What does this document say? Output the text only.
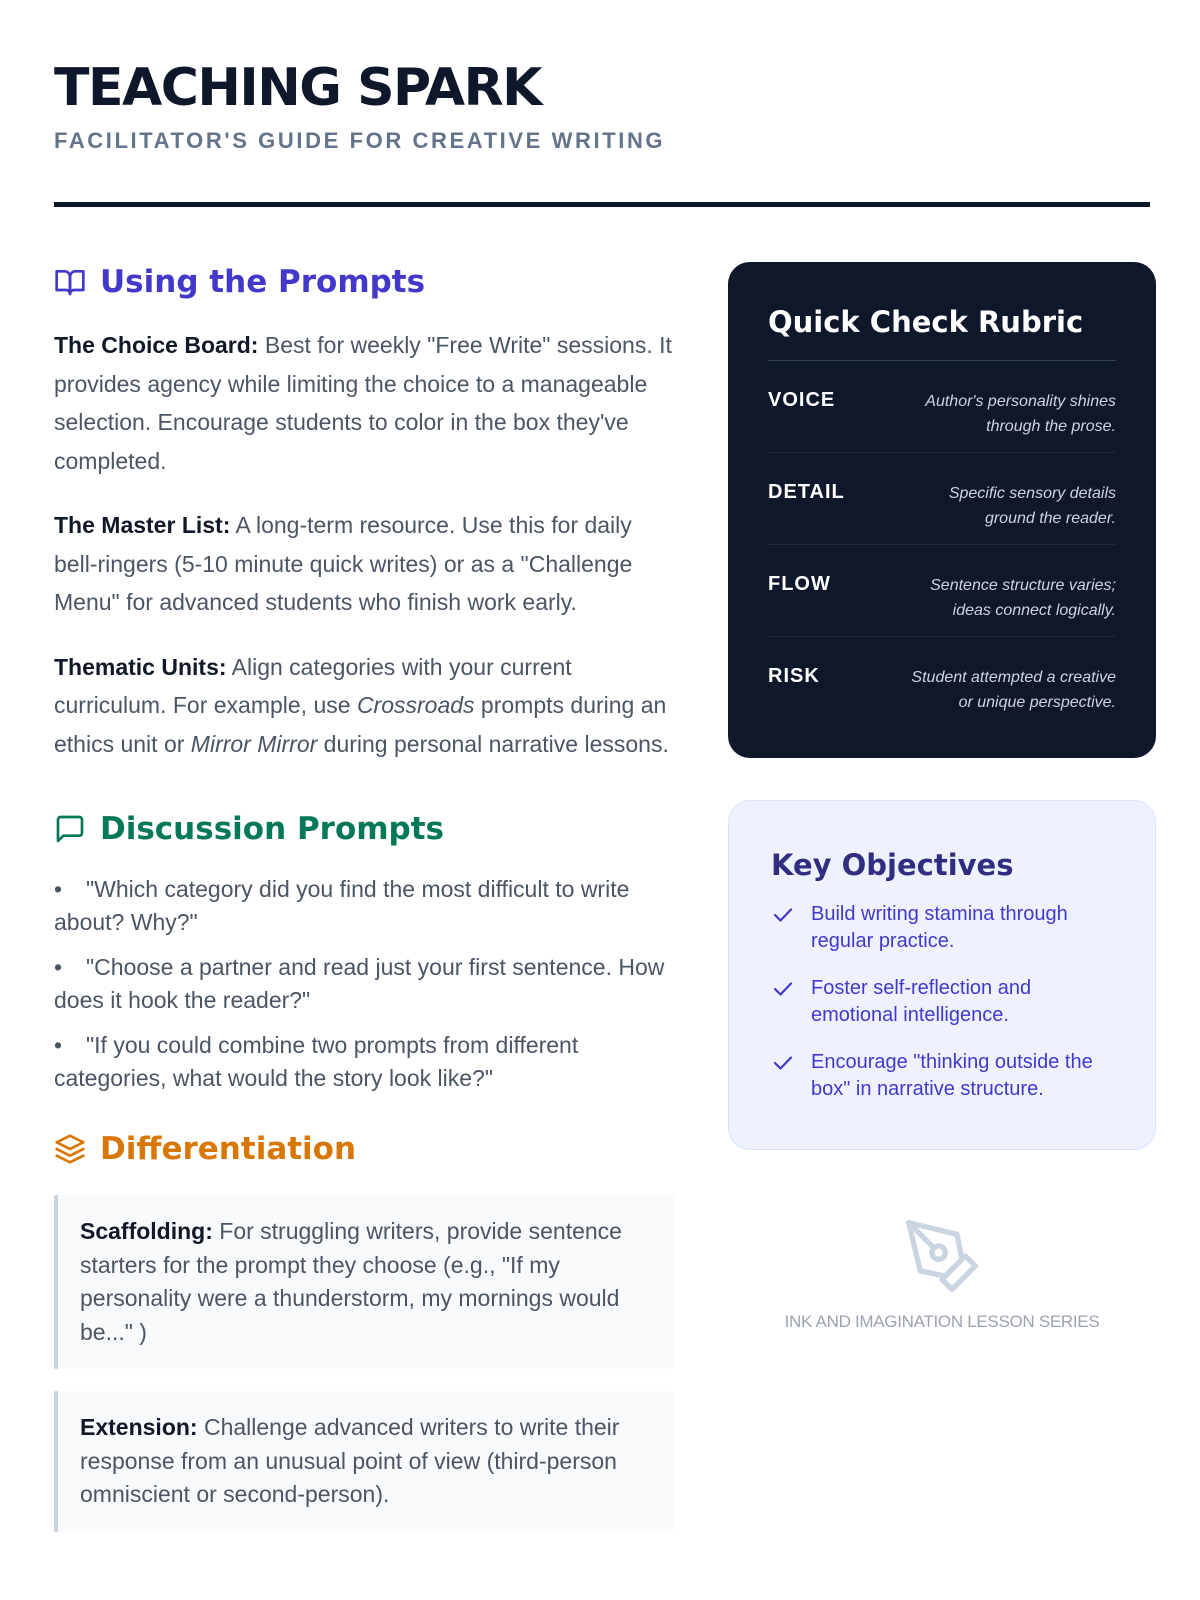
TEACHING SPARK
FACILITATOR'S GUIDE FOR CREATIVE WRITING
Using the Prompts

The Choice Board: Best for weekly "Free Write" sessions. It provides agency while limiting the choice to a manageable selection. Encourage students to color in the box they've completed.

The Master List: A long-term resource. Use this for daily bell-ringers (5-10 minute quick writes) or as a "Challenge Menu" for advanced students who finish work early.

Thematic Units: Align categories with your current curriculum. For example, use Crossroads prompts during an ethics unit or Mirror Mirror during personal narrative lessons.

Discussion Prompts
• "Which category did you find the most difficult to write about? Why?"
• "Choose a partner and read just your first sentence. How does it hook the reader?"
• "If you could combine two prompts from different categories, what would the story look like?"
Differentiation
Scaffolding: For struggling writers, provide sentence starters for the prompt they choose (e.g., "If my personality were a thunderstorm, my mornings would be..." )
Extension: Challenge advanced writers to write their response from an unusual point of view (third-person omniscient or second-person).
Quick Check Rubric
VOICE	Author's personality shines through the prose.
DETAIL	Specific sensory details ground the reader.
FLOW	Sentence structure varies; ideas connect logically.
RISK	Student attempted a creative or unique perspective.
Key Objectives
Build writing stamina through regular practice.
Foster self-reflection and emotional intelligence.
Encourage "thinking outside the box" in narrative structure.
INK AND IMAGINATION LESSON SERIES
